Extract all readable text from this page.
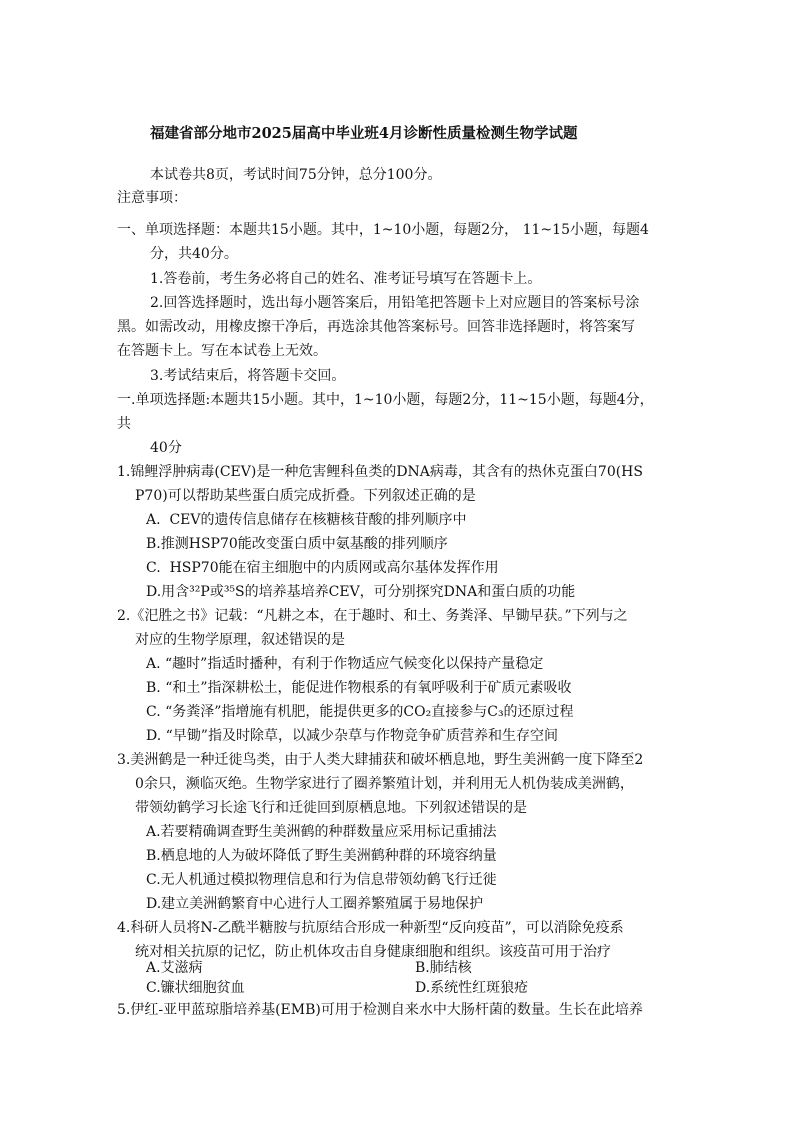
福建省部分地市2025届高中毕业班4月诊断性质量检测生物学试题
本试卷共8页，考试时间75分钟，总分100分。
注意事项：
一、单项选择题：本题共15小题。其中，1~10小题，每题2分， 11~15小题，每题4
分，共40分。
1.答卷前，考生务必将自己的姓名、准考证号填写在答题卡上。
2.回答选择题时，选出每小题答案后，用铅笔把答题卡上对应题目的答案标号涂
黑。如需改动，用橡皮擦干净后，再选涂其他答案标号。回答非选择题时，将答案写
在答题卡上。写在本试卷上无效。
3.考试结束后，将答题卡交回。
一.单项选择题:本题共15小题。其中，1~10小题，每题2分，11~15小题，每题4分，
共
40分
1.锦鲤浮肿病毒(CEV)是一种危害鲤科鱼类的DNA病毒，其含有的热休克蛋白70(HS
P70)可以帮助某些蛋白质完成折叠。下列叙述正确的是
A.  CEV的遗传信息储存在核糖核苷酸的排列顺序中
B.推测HSP70能改变蛋白质中氨基酸的排列顺序
C.  HSP70能在宿主细胞中的内质网或高尔基体发挥作用
D.用含³²P或³⁵S的培养基培养CEV，可分别探究DNA和蛋白质的功能
2.《汜胜之书》记载：“凡耕之本，在于趣时、和土、务粪泽、早锄早获。”下列与之
对应的生物学原理，叙述错误的是
A. “趣时”指适时播种，有利于作物适应气候变化以保持产量稳定
B. “和土”指深耕松土，能促进作物根系的有氧呼吸利于矿质元素吸收
C. “务粪泽”指增施有机肥，能提供更多的CO₂直接参与C₃的还原过程
D. “早锄”指及时除草，以减少杂草与作物竞争矿质营养和生存空间
3.美洲鹤是一种迁徙鸟类，由于人类大肆捕获和破坏栖息地，野生美洲鹤一度下降至2
0余只，濒临灭绝。生物学家进行了圈养繁殖计划，并利用无人机伪装成美洲鹤，
带领幼鹤学习长途飞行和迁徙回到原栖息地。下列叙述错误的是
A.若要精确调查野生美洲鹤的种群数量应采用标记重捕法
B.栖息地的人为破坏降低了野生美洲鹤种群的环境容纳量
C.无人机通过模拟物理信息和行为信息带领幼鹤飞行迁徙
D.建立美洲鹤繁育中心进行人工圈养繁殖属于易地保护
4.科研人员将N-乙酰半糖胺与抗原结合形成一种新型“反向疫苗”，可以消除免疫系
统对相关抗原的记忆，防止机体攻击自身健康细胞和组织。该疫苗可用于治疗
A.艾滋病	B.肺结核
C.镰状细胞贫血	D.系统性红斑狼疮
5.伊红-亚甲蓝琼脂培养基(EMB)可用于检测自来水中大肠杆菌的数量。生长在此培养
